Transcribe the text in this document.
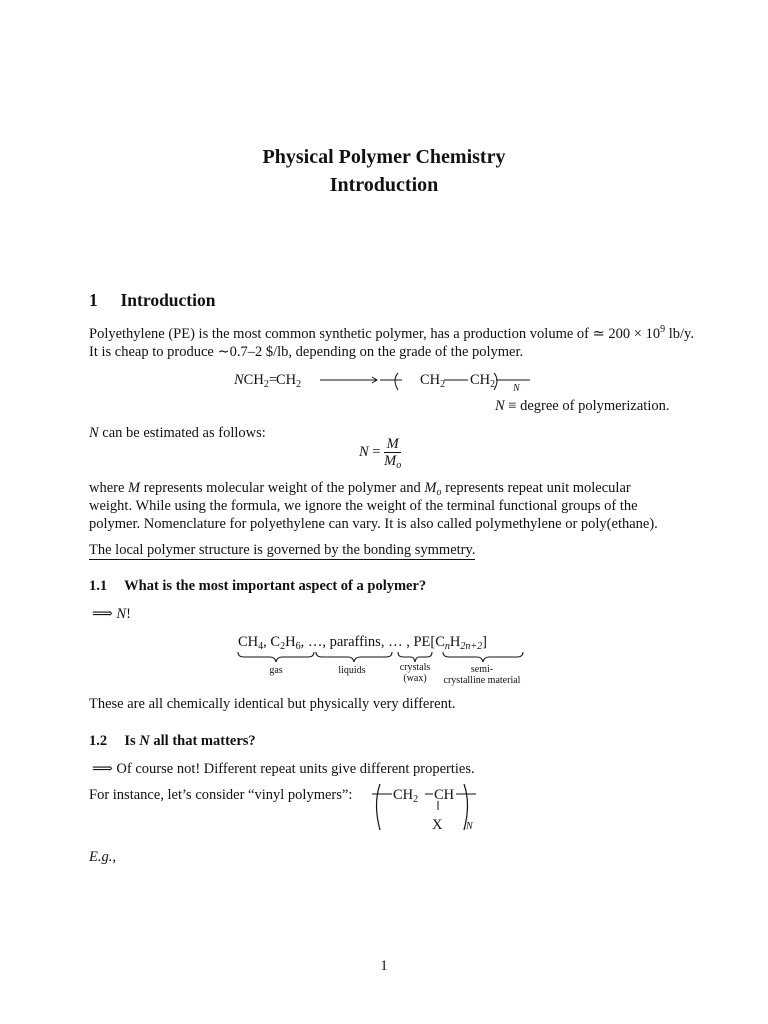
Physical Polymer Chemistry
Introduction
1 Introduction
Polyethylene (PE) is the most common synthetic polymer, has a production volume of ≃ $200 \times 10^9$ lb/y.
It is cheap to produce ∼0.7–2 $/lb, depending on the grade of the polymer.
$NCH_2=CH_2$	$CH_2$ $CH_2$ N
N ≡ degree of polymerization.
N can be estimated as follows:
$N = \frac{M}{M_o}$
where M represents molecular weight of the polymer and $M_o$ represents repeat unit molecular
weight. While using the formula, we ignore the weight of the terminal functional groups of the
polymer. Nomenclature for polyethylene can vary. It is also called polymethylene or poly(ethane).
The local polymer structure is governed by the bonding symmetry.
1.1 What is the most important aspect of a polymer?
⟹ N!
$CH_4$, $C_2H_6$, …, paraffins, … , $PE[C_nH_{2n+2}]$
gas	liquids	crystals
(wax)
semi-
crystalline material
These are all chemically identical but physically very different.
1.2 Is N all that matters?
⟹ Of course not! Different repeat units give different properties.
For instance, let’s consider “vinyl polymers”:	$CH_2$ CH
X N
E.g.,
1
